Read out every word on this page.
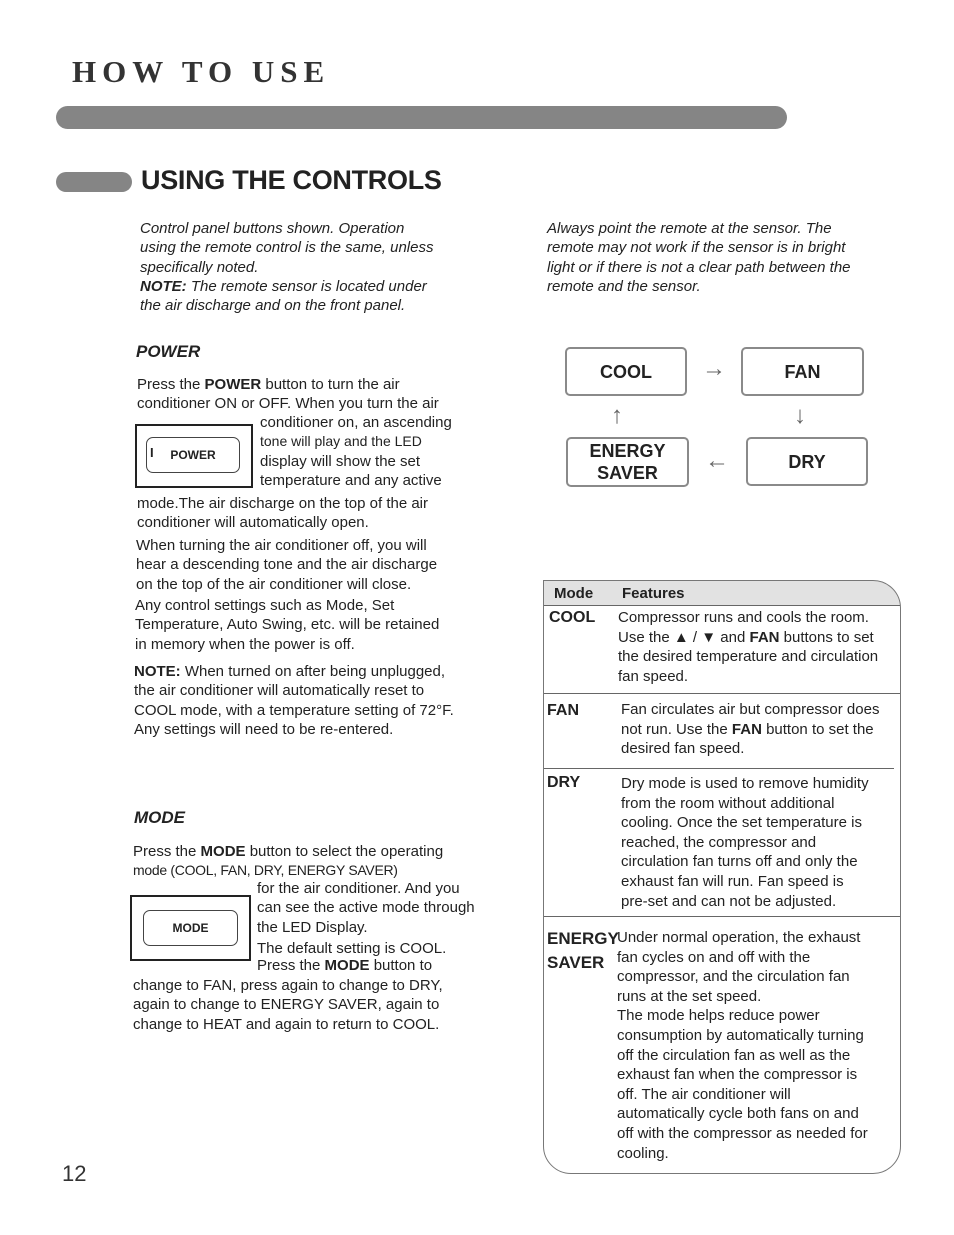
HOW TO USE
USING THE CONTROLS
Control panel buttons shown. Operation
using the remote control is the same, unless
specifically noted.
NOTE: The remote sensor is located under
the air discharge and on the front panel.
Always point the remote at the sensor. The
remote may not work if the sensor is in bright
light or if there is not a clear path between the
remote and the sensor.
POWER
Press the POWER button to turn the air
conditioner ON or OFF. When you turn the air
I POWER
conditioner on, an ascending
tone will play and the LED
display will show the set
temperature and any active
mode.The air discharge on the top of the air
conditioner will automatically open.
When turning the air conditioner off, you will
hear a descending tone and the air discharge
on the top of the air conditioner will close.
Any control settings such as Mode, Set
Temperature, Auto Swing, etc. will be retained
in memory when the power is off.
NOTE: When turned on after being unplugged,
the air conditioner will automatically reset to
COOL mode, with a temperature setting of 72°F.
Any settings will need to be re-entered.
MODE
Press the MODE button to select the operating
mode (COOL, FAN, DRY, ENERGY SAVER)
MODE
for the air conditioner. And you
can see the active mode through
the LED Display.
The default setting is COOL.
Press the MODE button to
change to FAN, press again to change to DRY,
again to change to ENERGY SAVER, again to
change to HEAT and again to return to COOL.
COOL	FAN
ENERGY
SAVER
DRY
→
↓
←
↑
Mode Features
COOL Compressor runs and cools the room.
Use the ▲ / ▼ and FAN buttons to set
the desired temperature and circulation
fan speed.
FAN	Fan circulates air but compressor does
not run. Use the FAN button to set the
desired fan speed.
DRY	Dry mode is used to remove humidity
from the room without additional
cooling. Once the set temperature is
reached, the compressor and
circulation fan turns off and only the
exhaust fan will run. Fan speed is
pre-set and can not be adjusted.
ENERGY
SAVER
Under normal operation, the exhaust
fan cycles on and off with the
compressor, and the circulation fan
runs at the set speed.
The mode helps reduce power
consumption by automatically turning
off the circulation fan as well as the
exhaust fan when the compressor is
off. The air conditioner will
automatically cycle both fans on and
off with the compressor as needed for
cooling.
12
